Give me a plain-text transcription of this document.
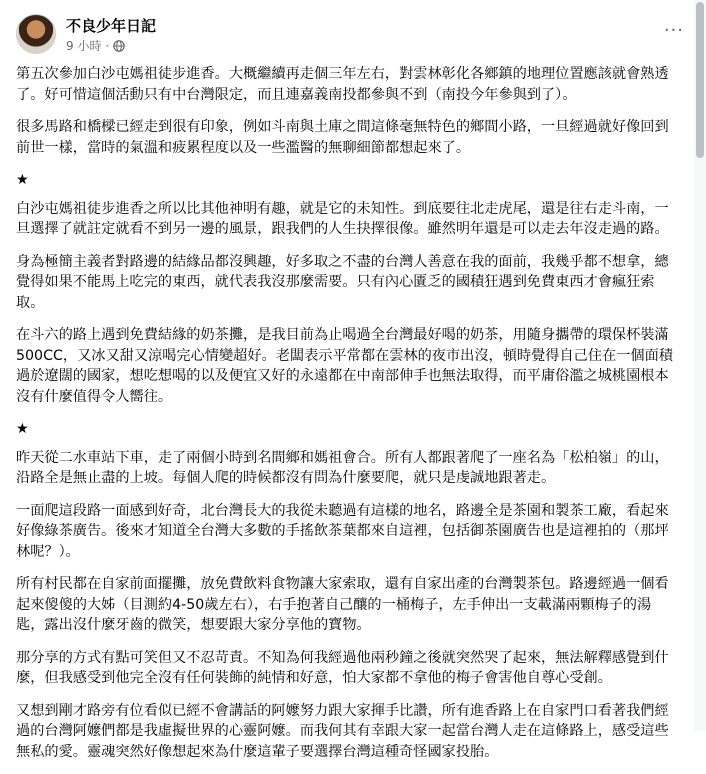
不良少年日記
9 小時 ·
···

第五次參加白沙屯媽祖徒步進香。大概繼續再走個三年左右，對雲林彰化各鄉鎮的地理位置應該就會熟透了。好可惜這個活動只有中台灣限定，而且連嘉義南投都參與不到（南投今年參與到了）。

很多馬路和橋樑已經走到很有印象，例如斗南與土庫之間這條毫無特色的鄉間小路，一旦經過就好像回到前世一樣，當時的氣溫和疲累程度以及一些濫醫的無聊細節都想起來了。

★

白沙屯媽祖徒步進香之所以比其他神明有趣，就是它的未知性。到底要往北走虎尾，還是往右走斗南，一旦選擇了就註定就看不到另一邊的風景，跟我們的人生抉擇很像。雖然明年還是可以走去年沒走過的路。

身為極簡主義者對路邊的結緣品都沒興趣，好多取之不盡的台灣人善意在我的面前，我幾乎都不想拿，總覺得如果不能馬上吃完的東西，就代表我沒那麼需要。只有內心匱乏的國積狂遇到免費東西才會瘋狂索取。

在斗六的路上遇到免費結緣的奶茶攤，是我目前為止喝過全台灣最好喝的奶茶，用隨身攜帶的環保杯裝滿500CC，又冰又甜又涼喝完心情變超好。老闆表示平常都在雲林的夜市出沒，頓時覺得自己住在一個面積過於遼闊的國家，想吃想喝的以及便宜又好的永遠都在中南部伸手也無法取得，而平庸俗濫之城桃園根本沒有什麼值得令人嚮往。

★

昨天從二水車站下車，走了兩個小時到名間鄉和媽祖會合。所有人都跟著爬了一座名為「松柏嶺」的山，沿路全是無止盡的上坡。每個人爬的時候都沒有問為什麼要爬，就只是虔誠地跟著走。

一面爬這段路一面感到好奇，北台灣長大的我從未聽過有這樣的地名，路邊全是茶園和製茶工廠，看起來好像綠茶廣告。後來才知道全台灣大多數的手搖飲茶葉都來自這裡，包括御茶園廣告也是這裡拍的（那坪林呢？）。

所有村民都在自家前面擺攤，放免費飲料食物讓大家索取，還有自家出產的台灣製茶包。路邊經過一個看起來傻傻的大姊（目測約4-50歲左右），右手抱著自己釀的一桶梅子，左手伸出一支載滿兩顆梅子的湯匙，露出沒什麼牙齒的微笑，想要跟大家分享他的寶物。

那分享的方式有點可笑但又不忍苛責。不知為何我經過他兩秒鐘之後就突然哭了起來，無法解釋感覺到什麼，但我感受到他完全沒有任何裝飾的純情和好意，怕大家都不拿他的梅子會害他自尊心受創。

又想到剛才路旁有位看似已經不會講話的阿嬤努力跟大家揮手比讚，所有進香路上在自家門口看著我們經過的台灣阿嬤們都是我虛擬世界的心靈阿嬤。而我何其有幸跟大家一起當台灣人走在這條路上，感受這些無私的愛。靈魂突然好像想起來為什麼這輩子要選擇台灣這種奇怪國家投胎。
